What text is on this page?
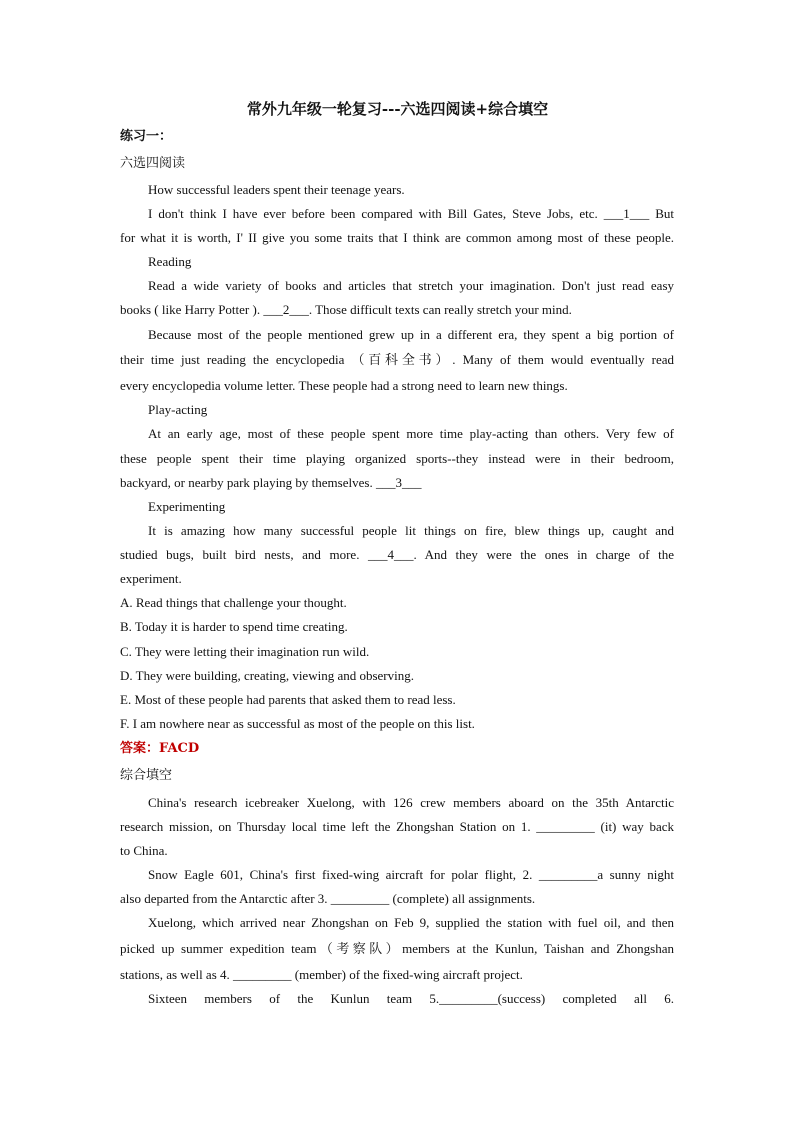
常外九年级一轮复习---六选四阅读+综合填空
练习一：
六选四阅读
How successful leaders spent their teenage years.
I don't think I have ever before been compared with Bill Gates, Steve Jobs, etc. ___1___ But
for what it is worth, I' II give you some traits that I think are common among most of these people.
Reading
Read a wide variety of books and articles that stretch your imagination. Don't just read easy
books ( like Harry Potter ). ___2___. Those difficult texts can really stretch your mind.
Because most of the people mentioned grew up in a different era, they spent a big portion of
their time just reading the encyclopedia （百科全书）. Many of them would eventually read
every encyclopedia volume letter. These people had a strong need to learn new things.
Play-acting
At an early age, most of these people spent more time play-acting than others. Very few of
these people spent their time playing organized sports--they instead were in their bedroom,
backyard, or nearby park playing by themselves. ___3___
Experimenting
It is amazing how many successful people lit things on fire, blew things up, caught and
studied bugs, built bird nests, and more. ___4___. And they were the ones in charge of the
experiment.
A. Read things that challenge your thought.
B. Today it is harder to spend time creating.
C. They were letting their imagination run wild.
D. They were building, creating, viewing and observing.
E. Most of these people had parents that asked them to read less.
F. I am nowhere near as successful as most of the people on this list.
答案：FACD
综合填空
China's research icebreaker Xuelong, with 126 crew members aboard on the 35th Antarctic
research mission, on Thursday local time left the Zhongshan Station on 1. _________ (it) way back
to China.
Snow Eagle 601, China's first fixed-wing aircraft for polar flight, 2. _________a sunny night
also departed from the Antarctic after 3. _________ (complete) all assignments.
Xuelong, which arrived near Zhongshan on Feb 9, supplied the station with fuel oil, and then
picked up summer expedition team（考察队）members at the Kunlun, Taishan and Zhongshan
stations, as well as 4. _________ (member) of the fixed-wing aircraft project.
Sixteen members of the Kunlun team 5._________(success) completed all 6.
